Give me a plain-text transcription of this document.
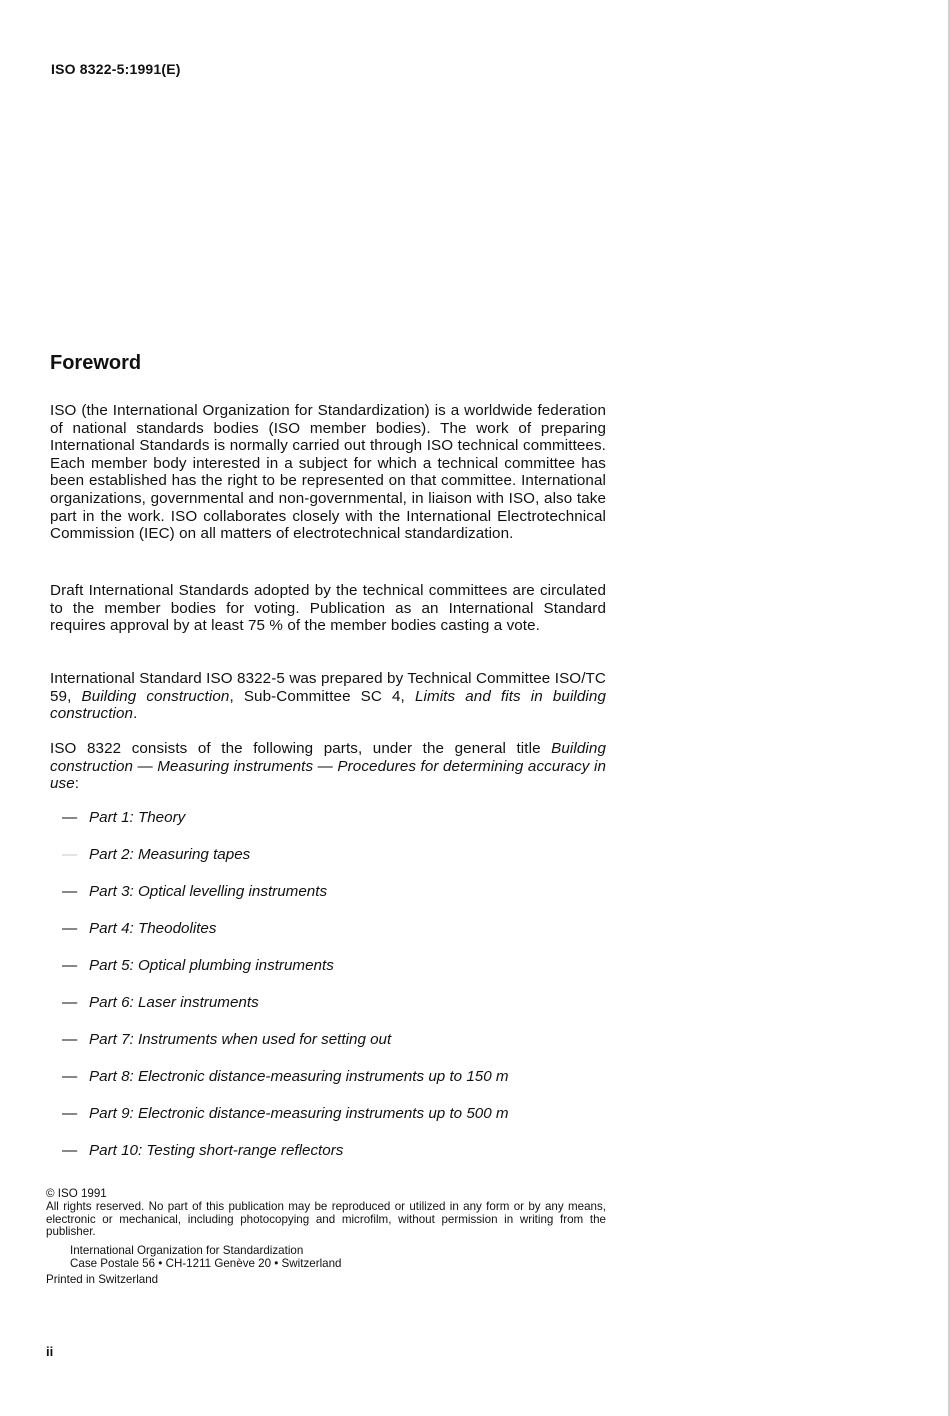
ISO 8322-5:1991(E)
Foreword

ISO (the International Organization for Standardization) is a worldwide federation of national standards bodies (ISO member bodies). The work of preparing International Standards is normally carried out through ISO technical committees. Each member body interested in a subject for which a technical committee has been established has the right to be represented on that committee. International organizations, governmental and non-governmental, in liaison with ISO, also take part in the work. ISO collaborates closely with the International Electrotechnical Commission (IEC) on all matters of electrotechnical standardization.

Draft International Standards adopted by the technical committees are circulated to the member bodies for voting. Publication as an International Standard requires approval by at least 75 % of the member bodies casting a vote.

International Standard ISO 8322-5 was prepared by Technical Committee ISO/TC 59, Building construction, Sub-Committee SC 4, Limits and fits in building construction.

ISO 8322 consists of the following parts, under the general title Building construction — Measuring instruments — Procedures for determining accuracy in use:

— Part 1: Theory
— Part 2: Measuring tapes
— Part 3: Optical levelling instruments
— Part 4: Theodolites
— Part 5: Optical plumbing instruments
— Part 6: Laser instruments
— Part 7: Instruments when used for setting out
— Part 8: Electronic distance-measuring instruments up to 150 m
— Part 9: Electronic distance-measuring instruments up to 500 m
— Part 10: Testing short-range reflectors

© ISO 1991

All rights reserved. No part of this publication may be reproduced or utilized in any form or by any means, electronic or mechanical, including photocopying and microfilm, without permission in writing from the publisher.

International Organization for Standardization

Case Postale 56 • CH-1211 Genève 20 • Switzerland

Printed in Switzerland

ii
